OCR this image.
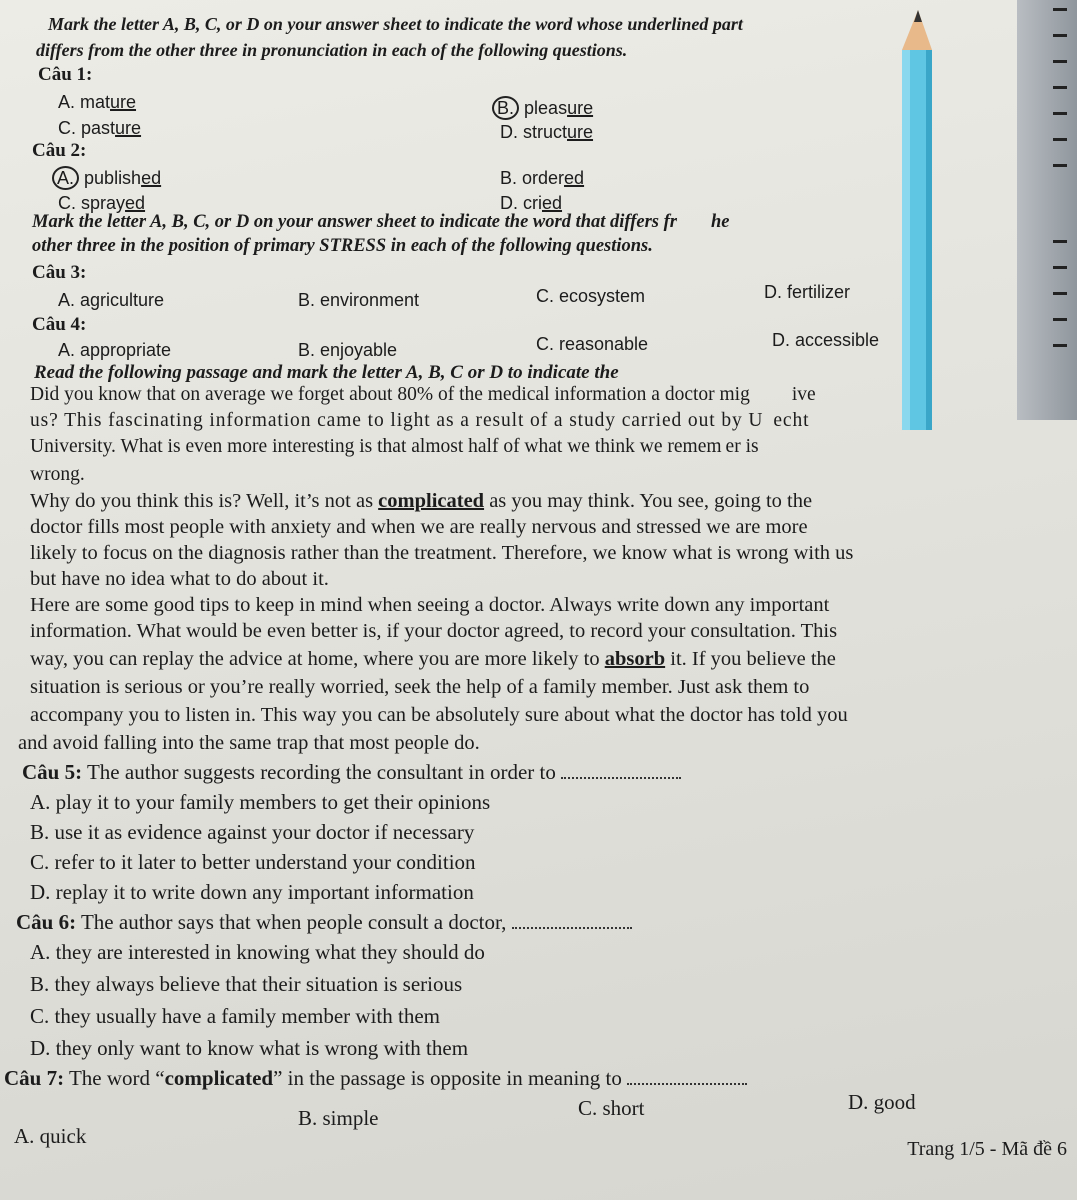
Mark the letter A, B, C, or D on your answer sheet to indicate the word whose underlined part
differs from the other three in pronunciation in each of the following questions.
Câu 1:
A. mature	B. pleasure
C. pasture	D. structure
Câu 2:
A. published	B. ordered
C. sprayed	D. cried
Mark the letter A, B, C, or D on your answer sheet to indicate the word that differs fr he
other three in the position of primary STRESS in each of the following questions.
Câu 3:
A. agriculture	B. environment	C. ecosystem	D. fertilizer
Câu 4:
A. appropriate	B. enjoyable	C. reasonable	D. accessible
Read the following passage and mark the letter A, B, C or D to indicate the
Did you know that on average we forget about 80% of the medical information a doctor mig ive
us? This fascinating information came to light as a result of a study carried out by U echt
University. What is even more interesting is that almost half of what we think we remem er is
wrong.
Why do you think this is? Well, it’s not as complicated as you may think. You see, going to the
doctor fills most people with anxiety and when we are really nervous and stressed we are more
likely to focus on the diagnosis rather than the treatment. Therefore, we know what is wrong with us
but have no idea what to do about it.
Here are some good tips to keep in mind when seeing a doctor. Always write down any important
information. What would be even better is, if your doctor agreed, to record your consultation. This
way, you can replay the advice at home, where you are more likely to absorb it. If you believe the
situation is serious or you’re really worried, seek the help of a family member. Just ask them to
accompany you to listen in. This way you can be absolutely sure about what the doctor has told you
and avoid falling into the same trap that most people do.
Câu 5: The author suggests recording the consultant in order to
A. play it to your family members to get their opinions
B. use it as evidence against your doctor if necessary
C. refer to it later to better understand your condition
D. replay it to write down any important information
Câu 6: The author says that when people consult a doctor,
A. they are interested in knowing what they should do
B. they always believe that their situation is serious
C. they usually have a family member with them
D. they only want to know what is wrong with them
Câu 7: The word “complicated” in the passage is opposite in meaning to
A. quick
B. simple	C. short	D. good
Trang 1/5 - Mã đề 6
